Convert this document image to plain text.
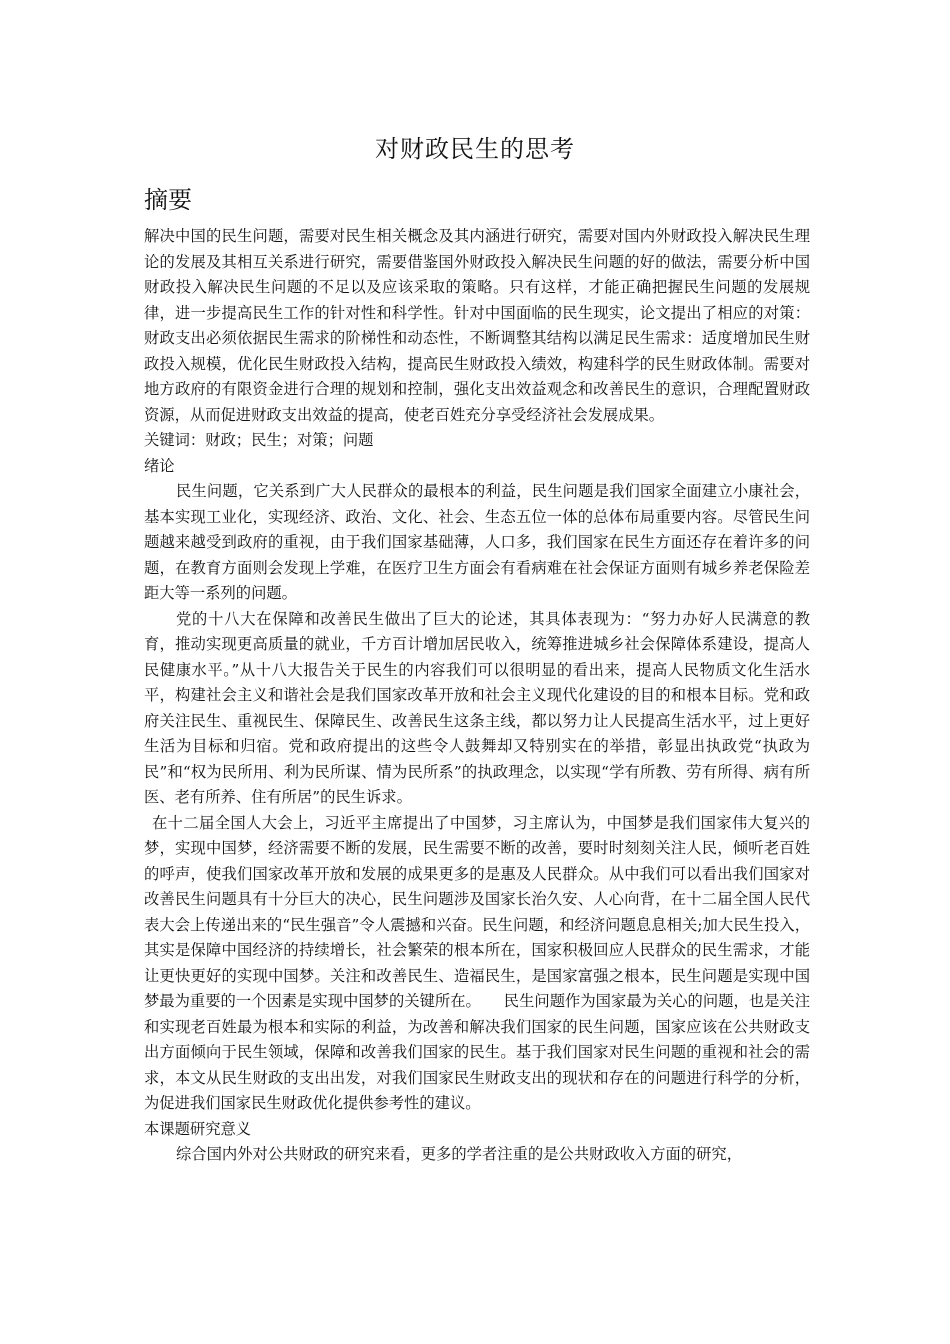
对财政民生的思考
摘要

解决中国的民生问题，需要对民生相关概念及其内涵进行研究，需要对国内外财政投入解决民生理论的发展及其相互关系进行研究，需要借鉴国外财政投入解决民生问题的好的做法，需要分析中国财政投入解决民生问题的不足以及应该采取的策略。只有这样，才能正确把握民生问题的发展规律，进一步提高民生工作的针对性和科学性。针对中国面临的民生现实，论文提出了相应的对策：财政支出必须依据民生需求的阶梯性和动态性，不断调整其结构以满足民生需求：适度增加民生财政投入规模，优化民生财政投入结构，提高民生财政投入绩效，构建科学的民生财政体制。需要对地方政府的有限资金进行合理的规划和控制，强化支出效益观念和改善民生的意识，合理配置财政资源，从而促进财政支出效益的提高，使老百姓充分享受经济社会发展成果。

关键词：财政；民生；对策；问题

绪论

民生问题，它关系到广大人民群众的最根本的利益，民生问题是我们国家全面建立小康社会，基本实现工业化，实现经济、政治、文化、社会、生态五位一体的总体布局重要内容。尽管民生问题越来越受到政府的重视，由于我们国家基础薄，人口多，我们国家在民生方面还存在着许多的问题，在教育方面则会发现上学难，在医疗卫生方面会有看病难在社会保证方面则有城乡养老保险差距大等一系列的问题。

党的十八大在保障和改善民生做出了巨大的论述，其具体表现为：“努力办好人民满意的教育，推动实现更高质量的就业，千方百计增加居民收入，统筹推进城乡社会保障体系建设，提高人民健康水平。”从十八大报告关于民生的内容我们可以很明显的看出来，提高人民物质文化生活水平，构建社会主义和谐社会是我们国家改革开放和社会主义现代化建设的目的和根本目标。党和政府关注民生、重视民生、保障民生、改善民生这条主线，都以努力让人民提高生活水平，过上更好生活为目标和归宿。党和政府提出的这些令人鼓舞却又特别实在的举措，彰显出执政党“执政为民”和“权为民所用、利为民所谋、情为民所系”的执政理念，以实现“学有所教、劳有所得、病有所医、老有所养、住有所居”的民生诉求。

在十二届全国人大会上，习近平主席提出了中国梦，习主席认为，中国梦是我们国家伟大复兴的梦，实现中国梦，经济需要不断的发展，民生需要不断的改善，要时时刻刻关注人民，倾听老百姓的呼声，使我们国家改革开放和发展的成果更多的是惠及人民群众。从中我们可以看出我们国家对改善民生问题具有十分巨大的决心，民生问题涉及国家长治久安、人心向背，在十二届全国人民代表大会上传递出来的“民生强音”令人震撼和兴奋。民生问题，和经济问题息息相关;加大民生投入，其实是保障中国经济的持续增长，社会繁荣的根本所在，国家积极回应人民群众的民生需求，才能让更快更好的实现中国梦。关注和改善民生、造福民生，是国家富强之根本，民生问题是实现中国梦最为重要的一个因素是实现中国梦的关键所在。　　民生问题作为国家最为关心的问题，也是关注和实现老百姓最为根本和实际的利益，为改善和解决我们国家的民生问题，国家应该在公共财政支出方面倾向于民生领域，保障和改善我们国家的民生。基于我们国家对民生问题的重视和社会的需求，本文从民生财政的支出出发，对我们国家民生财政支出的现状和存在的问题进行科学的分析，为促进我们国家民生财政优化提供参考性的建议。

本课题研究意义

综合国内外对公共财政的研究来看，更多的学者注重的是公共财政收入方面的研究，
